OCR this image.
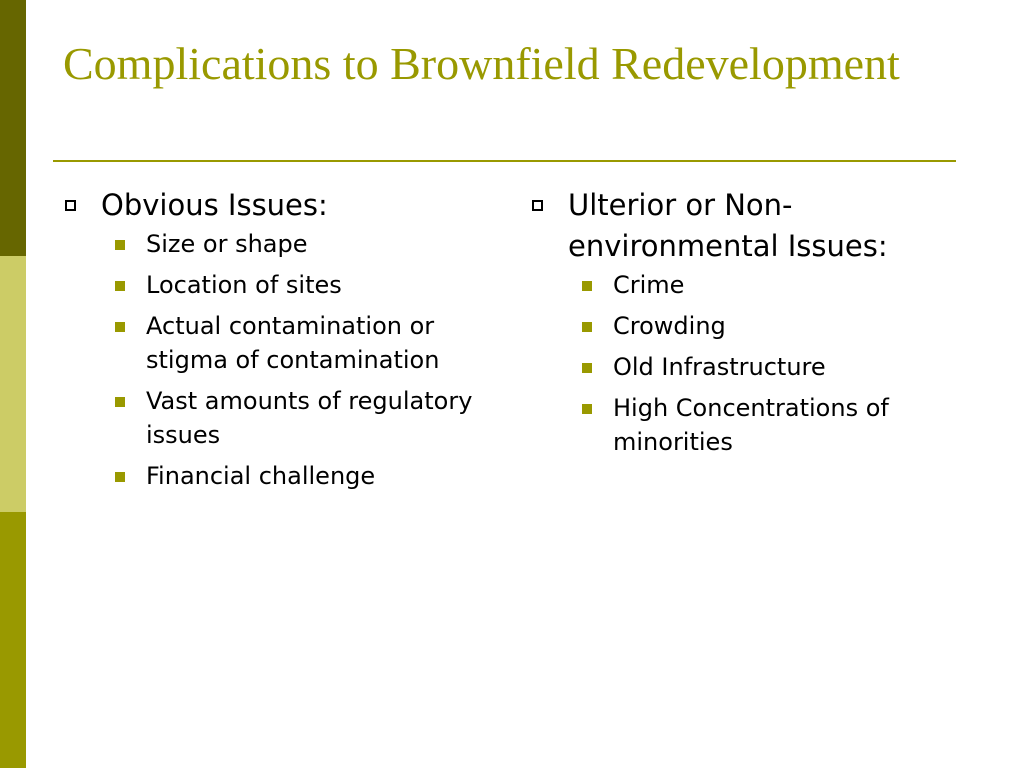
Complications to Brownfield Redevelopment

Obvious Issues:

Size or shape
Location of sites
Actual contamination or stigma of contamination
Vast amounts of regulatory issues
Financial challenge

Ulterior or Non-environmental Issues:

Crime
Crowding
Old Infrastructure
High Concentrations of minorities
